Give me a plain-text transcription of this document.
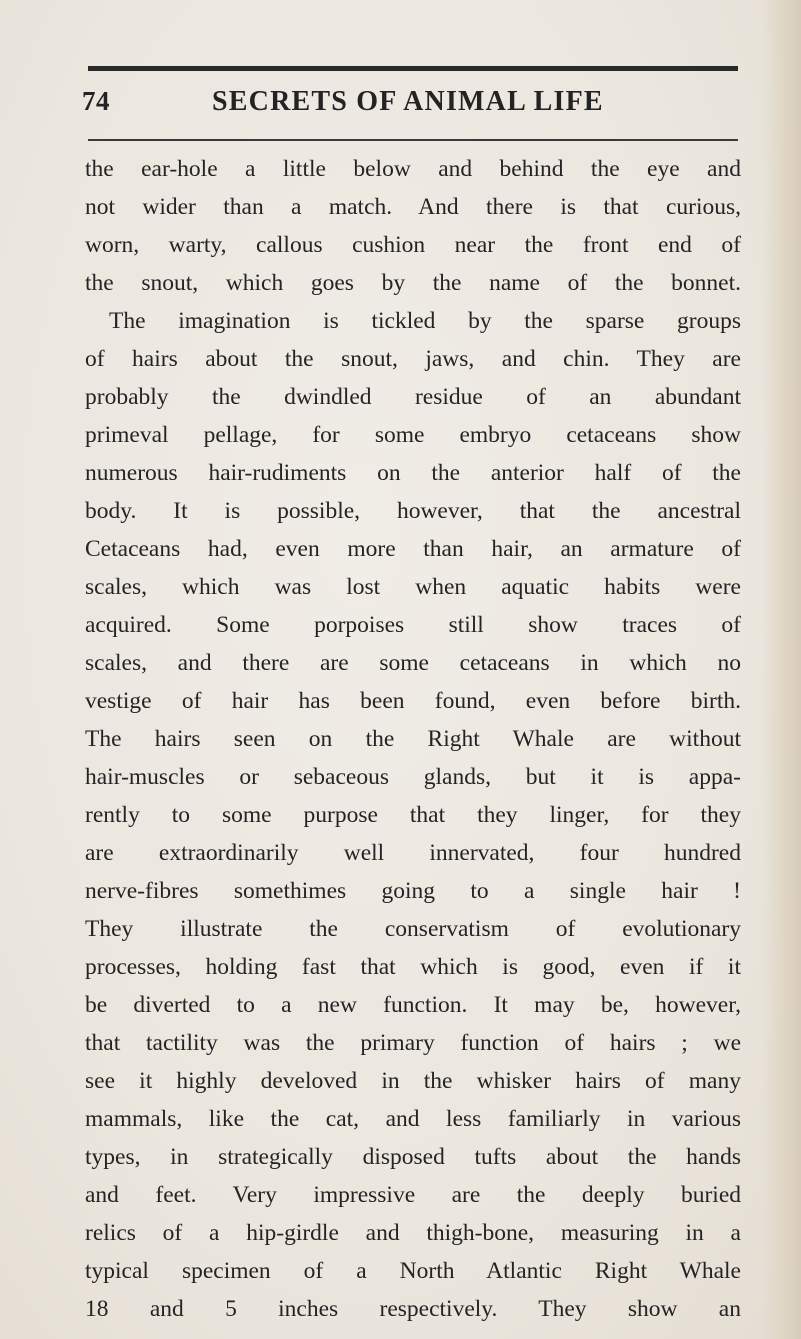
74	SECRETS OF ANIMAL LIFE
the ear-hole a little below and behind the eye and
not wider than a match. And there is that curious,
worn, warty, callous cushion near the front end of
the snout, which goes by the name of the bonnet.
The imagination is tickled by the sparse groups
of hairs about the snout, jaws, and chin. They are
probably the dwindled residue of an abundant
primeval pellage, for some embryo cetaceans show
numerous hair-rudiments on the anterior half of the
body. It is possible, however, that the ancestral
Cetaceans had, even more than hair, an armature of
scales, which was lost when aquatic habits were
acquired. Some porpoises still show traces of
scales, and there are some cetaceans in which no
vestige of hair has been found, even before birth.
The hairs seen on the Right Whale are without
hair-muscles or sebaceous glands, but it is appa-
rently to some purpose that they linger, for they
are extraordinarily well innervated, four hundred
nerve-fibres somethimes going to a single hair !
They illustrate the conservatism of evolutionary
processes, holding fast that which is good, even if it
be diverted to a new function. It may be, however,
that tactility was the primary function of hairs ; we
see it highly develoved in the whisker hairs of many
mammals, like the cat, and less familiarly in various
types, in strategically disposed tufts about the hands
and feet. Very impressive are the deeply buried
relics of a hip-girdle and thigh-bone, measuring in a
typical specimen of a North Atlantic Right Whale
18 and 5 inches respectively. They show an
